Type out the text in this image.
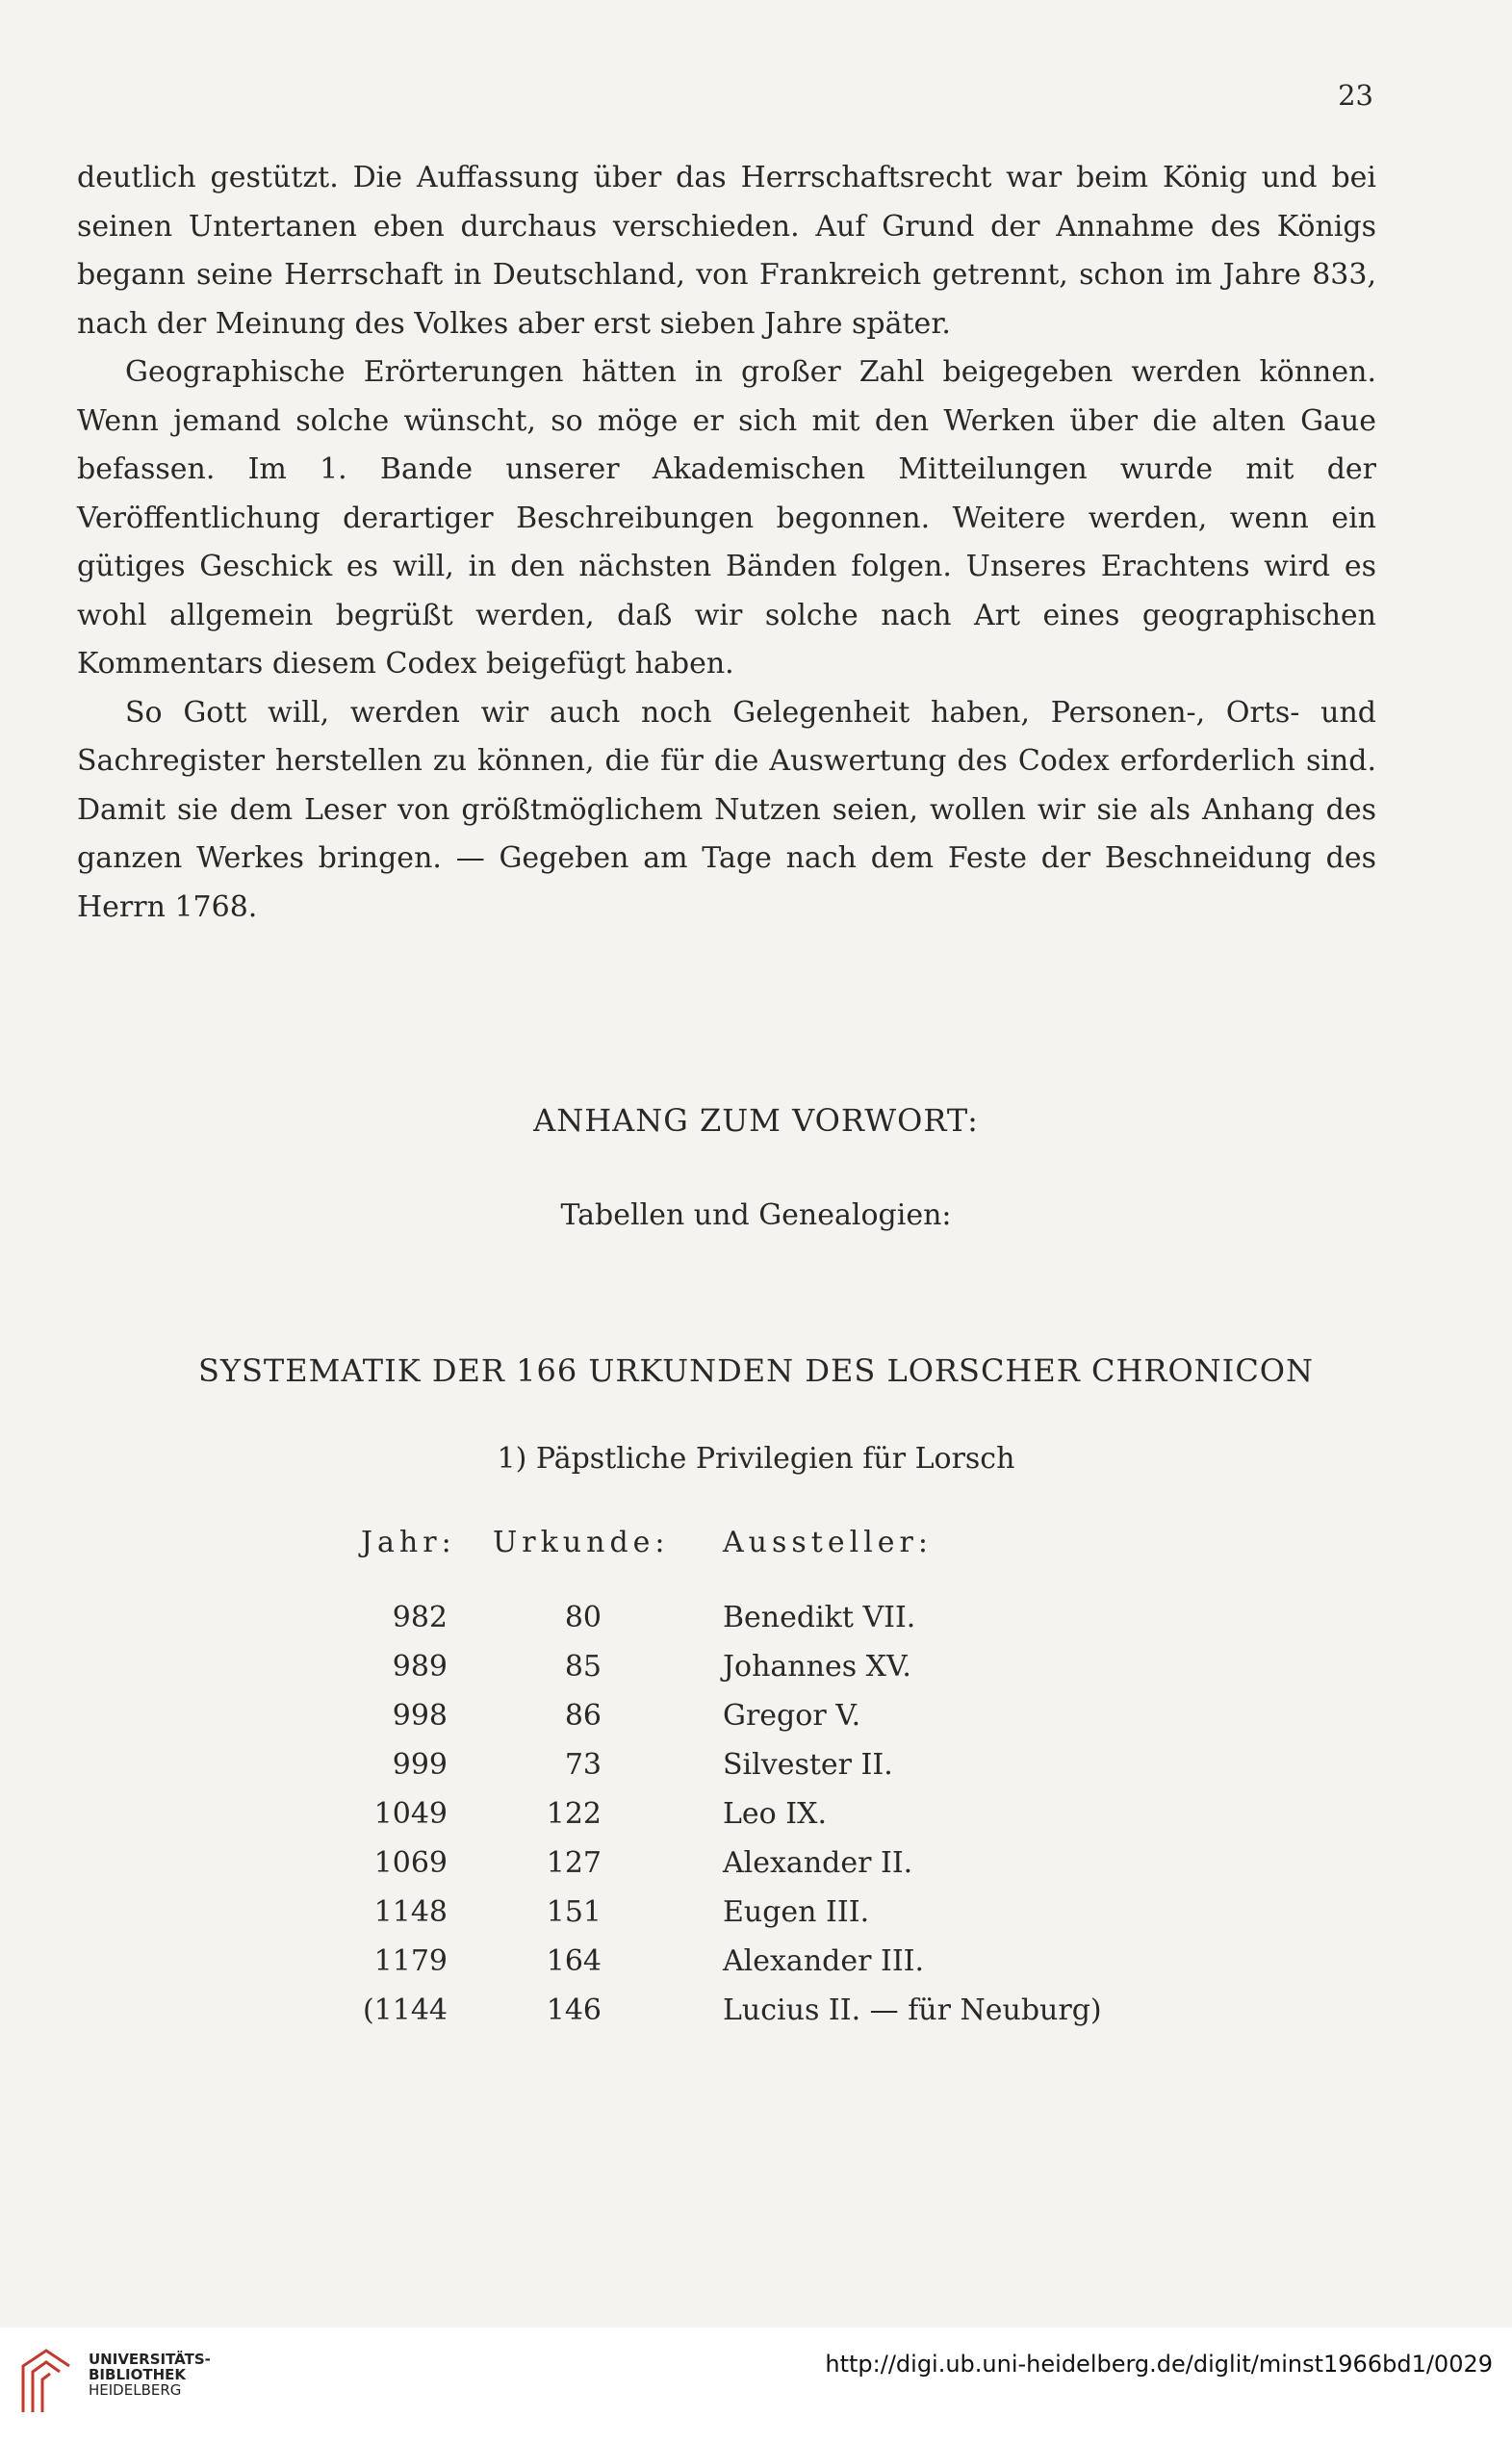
23

deutlich gestützt. Die Auffassung über das Herrschaftsrecht war beim König und bei seinen Untertanen eben durchaus verschieden. Auf Grund der Annahme des Königs begann seine Herrschaft in Deutschland, von Frankreich getrennt, schon im Jahre 833, nach der Meinung des Volkes aber erst sieben Jahre später.

Geographische Erörterungen hätten in großer Zahl beigegeben werden können. Wenn jemand solche wünscht, so möge er sich mit den Werken über die alten Gaue befassen. Im 1. Bande unserer Akademischen Mitteilungen wurde mit der Veröffentlichung derartiger Beschreibungen begonnen. Weitere werden, wenn ein gütiges Geschick es will, in den nächsten Bänden folgen. Unseres Erachtens wird es wohl allgemein begrüßt werden, daß wir solche nach Art eines geographischen Kommentars diesem Codex beigefügt haben.

So Gott will, werden wir auch noch Gelegenheit haben, Personen-, Orts- und Sachregister herstellen zu können, die für die Auswertung des Codex erforderlich sind. Damit sie dem Leser von größtmöglichem Nutzen seien, wollen wir sie als Anhang des ganzen Werkes bringen. — Gegeben am Tage nach dem Feste der Beschneidung des Herrn 1768.

ANHANG ZUM VORWORT:
Tabellen und Genealogien:
SYSTEMATIK DER 166 URKUNDEN DES LORSCHER CHRONICON
1) Päpstliche Privilegien für Lorsch
Jahr: Urkunde: Aussteller:
982	80	Benedikt VII.
989	85	Johannes XV.
998	86	Gregor V.
999	73	Silvester II.
1049	122	Leo IX.
1069	127	Alexander II.
1148	151	Eugen III.
1179	164	Alexander III.
(1144	146	Lucius II. — für Neuburg)
UNIVERSITÄTS-
BIBLIOTHEK
HEIDELBERG
http://digi.ub.uni-heidelberg.de/diglit/minst1966bd1/0029
